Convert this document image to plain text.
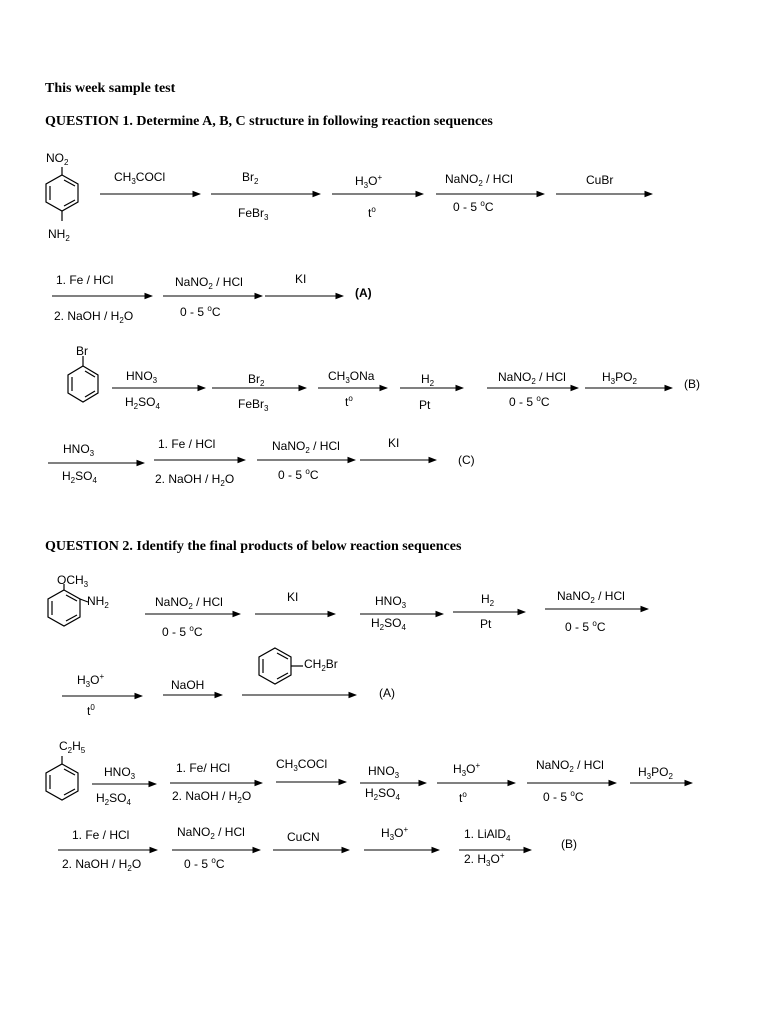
This week sample test
QUESTION 1. Determine A, B, C structure in following reaction sequences
QUESTION 2. Identify the final products of below reaction sequences
$NO_2$
$NH_2$
$CH_3COCl$	$Br_2$
FeBr$_3$
$H_3O^+$
$t^o$
NaNO$_2$ / HCl
0 - 5 $^o$C
CuBr
1. Fe / HCl
2. NaOH / $H_2O$
NaNO$_2$ / HCl
0 - 5 $^o$C
KI
(A)
Br
$HNO_3$
$H_2SO_4$
$Br_2$
FeBr$_3$
$CH_3ONa$
$t^o$
$H_2$
Pt
NaNO$_2$ / HCl
0 - 5 $^o$C
$H_3PO_2$	(B)
$HNO_3$
$H_2SO_4$
1. Fe / HCl
2. NaOH / $H_2O$
NaNO$_2$ / HCl
0 - 5 $^o$C
KI
(C)
$OCH_3$
$NH_2$	NaNO$_2$ / HCl
0 - 5 $^o$C
KI	$HNO_3$
$H_2SO_4$
$H_2$
Pt
NaNO$_2$ / HCl
0 - 5 $^o$C
$H_3O^+$
$t^0$
NaOH
$CH_2Br$
(A)
$C_2H_5$
$HNO_3$
$H_2SO_4$
1. Fe/ HCl
2. NaOH / $H_2O$
$CH_3COCl$	$HNO_3$
$H_2SO_4$
$H_3O^+$
$t^o$
NaNO$_2$ / HCl
0 - 5 $^o$C
$H_3PO_2$
1. Fe / HCl
2. NaOH / $H_2O$
NaNO$_2$ / HCl
0 - 5 $^o$C
CuCN	$H_3O^+$	1. LiAlD$_4$
2. $H_3O^+$
(B)
